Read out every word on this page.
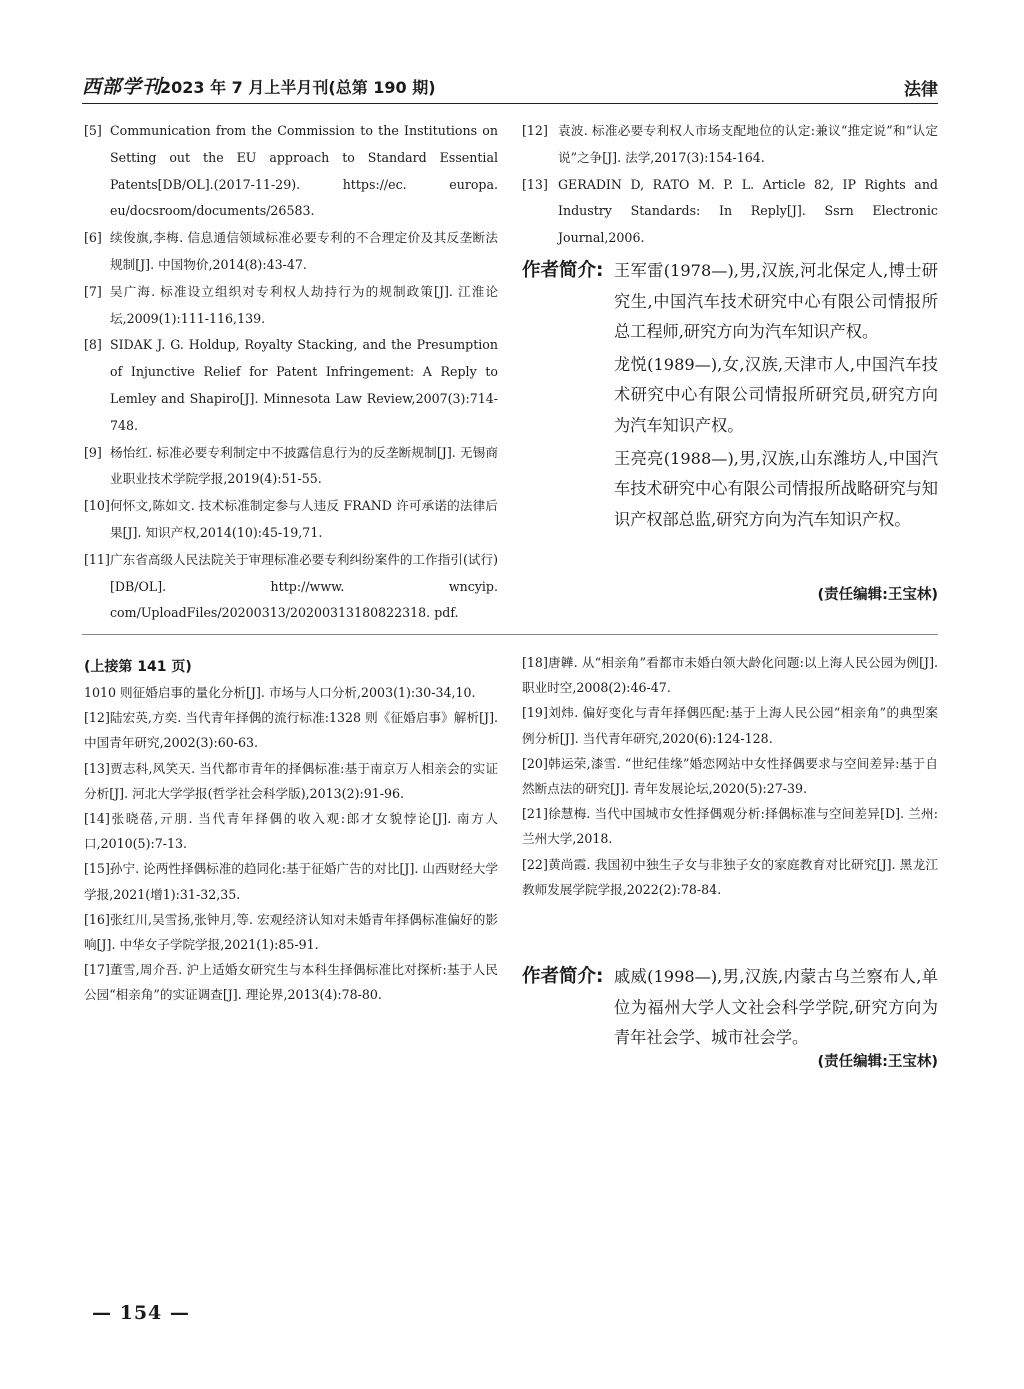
西部学刊
2023 年 7 月上半月刊(总第 190 期)	法律
[5] Communication from the Commission to the Institutions on Setting out the EU approach to Standard Essential Patents[DB/OL].(2017-11-29). https://ec. europa. eu/docsroom/documents/26583.
[6] 续俊旗,李梅. 信息通信领域标准必要专利的不合理定价及其反垄断法规制[J]. 中国物价,2014(8):43-47.
[7] 吴广海. 标准设立组织对专利权人劫持行为的规制政策[J]. 江淮论坛,2009(1):111-116,139.
[8] SIDAK J. G. Holdup, Royalty Stacking, and the Presumption of Injunctive Relief for Patent Infringement: A Reply to Lemley and Shapiro[J]. Minnesota Law Review,2007(3):714-748.
[9] 杨怡红. 标准必要专利制定中不披露信息行为的反垄断规制[J]. 无锡商业职业技术学院学报,2019(4):51-55.
[10] 何怀文,陈如文. 技术标准制定参与人违反 FRAND 许可承诺的法律后果[J]. 知识产权,2014(10):45-19,71.
[11] 广东省高级人民法院关于审理标准必要专利纠纷案件的工作指引(试行)[DB/OL]. http://www. wncyip. com/UploadFiles/20200313/20200313180822318. pdf.
[12] 袁波. 标准必要专利权人市场支配地位的认定:兼议“推定说”和“认定说”之争[J]. 法学,2017(3):154-164.
[13] GERADIN D, RATO M. P. L. Article 82, IP Rights and Industry Standards: In Reply[J]. Ssrn Electronic Journal,2006.
作者简介: 王军雷(1978—),男,汉族,河北保定人,博士研究生,中国汽车技术研究中心有限公司情报所总工程师,研究方向为汽车知识产权。

龙悦(1989—),女,汉族,天津市人,中国汽车技术研究中心有限公司情报所研究员,研究方向为汽车知识产权。

王亮亮(1988—),男,汉族,山东潍坊人,中国汽车技术研究中心有限公司情报所战略研究与知识产权部总监,研究方向为汽车知识产权。

(责任编辑:王宝林)
(上接第 141 页)

1010 则征婚启事的量化分析[J]. 市场与人口分析,2003(1):30-34,10.

[12]陆宏英,方奕. 当代青年择偶的流行标准:1328 则《征婚启事》解析[J]. 中国青年研究,2002(3):60-63.

[13]贾志科,风笑天. 当代都市青年的择偶标准:基于南京万人相亲会的实证分析[J]. 河北大学学报(哲学社会科学版),2013(2):91-96.

[14]张晓蓓,亓朋. 当代青年择偶的收入观:郎才女貌悖论[J]. 南方人口,2010(5):7-13.

[15]孙宁. 论两性择偶标准的趋同化:基于征婚广告的对比[J]. 山西财经大学学报,2021(增1):31-32,35.

[16]张红川,吴雪扬,张钟月,等. 宏观经济认知对未婚青年择偶标准偏好的影响[J]. 中华女子学院学报,2021(1):85-91.

[17]董雪,周介吾. 沪上适婚女研究生与本科生择偶标准比对探析:基于人民公园“相亲角”的实证调查[J]. 理论界,2013(4):78-80.

[18]唐韡. 从“相亲角”看都市未婚白领大龄化问题:以上海人民公园为例[J]. 职业时空,2008(2):46-47.

[19]刘炜. 偏好变化与青年择偶匹配:基于上海人民公园“相亲角”的典型案例分析[J]. 当代青年研究,2020(6):124-128.

[20]韩运荣,漆雪. “世纪佳缘”婚恋网站中女性择偶要求与空间差异:基于自然断点法的研究[J]. 青年发展论坛,2020(5):27-39.

[21]徐慧梅. 当代中国城市女性择偶观分析:择偶标准与空间差异[D]. 兰州:兰州大学,2018.

[22]黄尚霞. 我国初中独生子女与非独子女的家庭教育对比研究[J]. 黑龙江教师发展学院学报,2022(2):78-84.

作者简介: 戚威(1998—),男,汉族,内蒙古乌兰察布人,单位为福州大学人文社会科学学院,研究方向为青年社会学、城市社会学。

(责任编辑:王宝林)
— 154 —
